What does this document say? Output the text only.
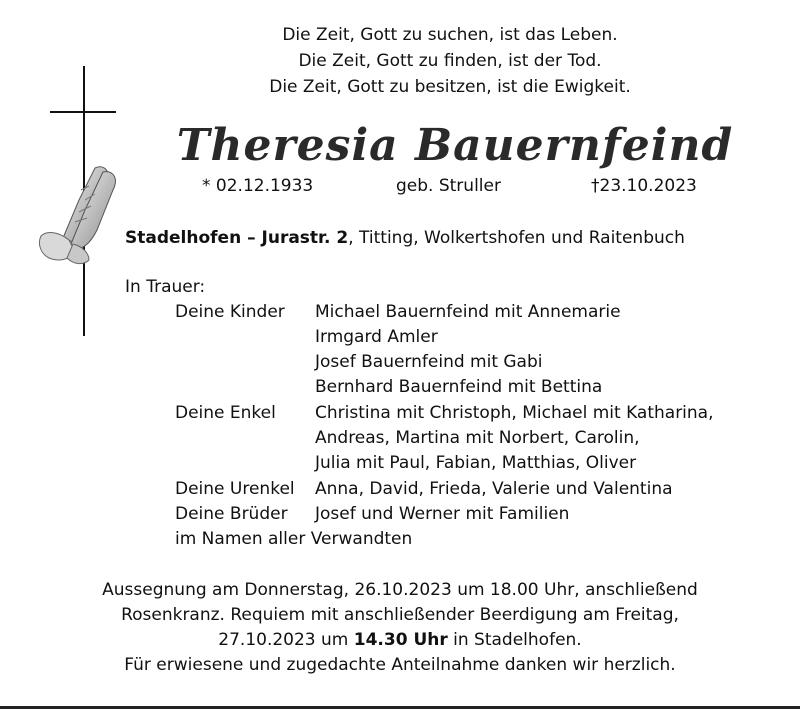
Die Zeit, Gott zu suchen, ist das Leben.
Die Zeit, Gott zu finden, ist der Tod.
Die Zeit, Gott zu besitzen, ist die Ewigkeit.
Theresia Bauernfeind
* 02.12.1933	geb. Struller	†23.10.2023
Stadelhofen – Jurastr. 2, Titting, Wolkertshofen und Raitenbuch
In Trauer:
Deine Kinder Michael Bauernfeind mit Annemarie
Irmgard Amler
Josef Bauernfeind mit Gabi
Bernhard Bauernfeind mit Bettina
Deine Enkel Christina mit Christoph, Michael mit Katharina,
Andreas, Martina mit Norbert, Carolin,
Julia mit Paul, Fabian, Matthias, Oliver
Deine Urenkel Anna, David, Frieda, Valerie und Valentina
Deine Brüder Josef und Werner mit Familien
im Namen aller Verwandten
Aussegnung am Donnerstag, 26.10.2023 um 18.00 Uhr, anschließend
Rosenkranz. Requiem mit anschließender Beerdigung am Freitag,
27.10.2023 um 14.30 Uhr in Stadelhofen.
Für erwiesene und zugedachte Anteilnahme danken wir herzlich.
